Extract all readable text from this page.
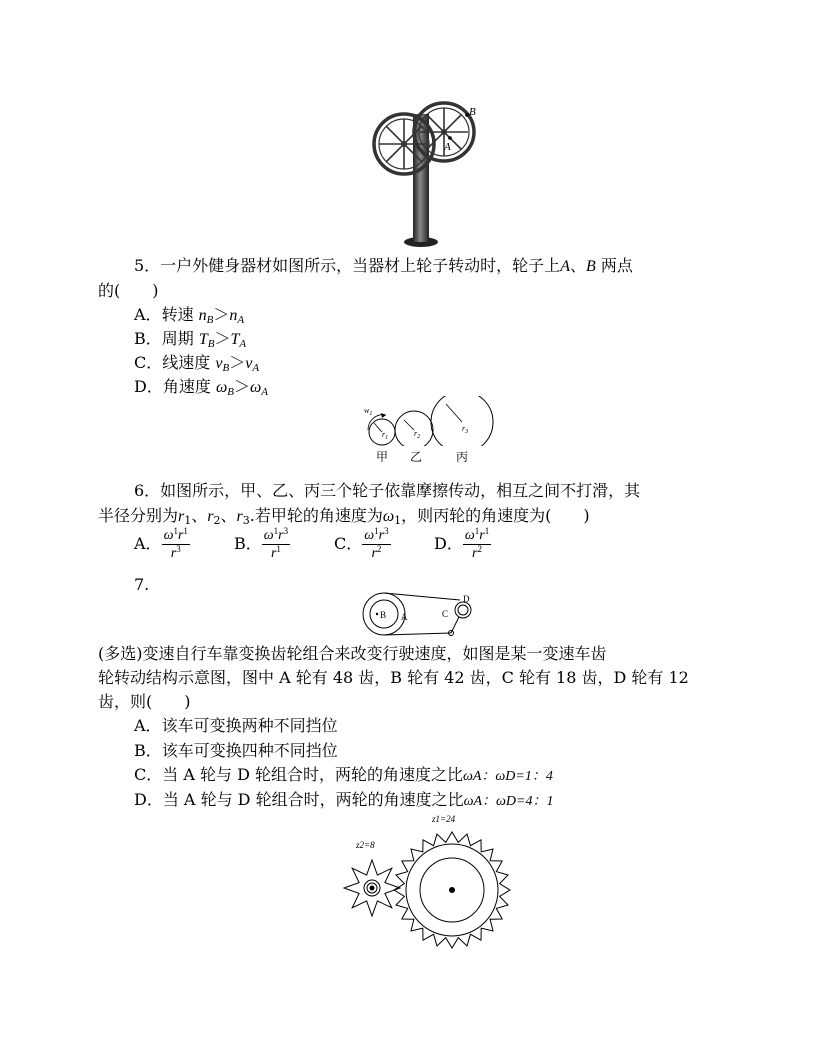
A
B
5．一户外健身器材如图所示，当器材上轮子转动时，轮子上A、B 两点
的(　　)
A．转速 $n_B>n_A$
B．周期 $T_B>T_A$
C．线速度 $v_B>v_A$
D．角速度 $\omega_B>\omega_A$
$w_1$
$r_1$	$r_2$
$r_3$
甲 乙	丙
6．如图所示，甲、乙、丙三个轮子依靠摩擦传动，相互之间不打滑，其
半径分别为$r_1$、$r_2$、$r_3$.若甲轮的角速度为$\omega_1$，则丙轮的角速度为(　　)
A． $\frac{\omega^1r^1}{r^3}$	B． $\frac{\omega^1r^3}{r^1}$	C． $\frac{\omega^1r^3}{r^2}$	D． $\frac{\omega^1r^1}{r^2}$
7.
B A	C
D
(多选)变速自行车靠变换齿轮组合来改变行驶速度，如图是某一变速车齿
轮转动结构示意图，图中 A 轮有 48 齿，B 轮有 42 齿，C 轮有 18 齿，D 轮有 12
齿，则(　　)
A．该车可变换两种不同挡位
B．该车可变换四种不同挡位
C．当 A 轮与 D 轮组合时，两轮的角速度之比ωA：ωD=1：4
D．当 A 轮与 D 轮组合时，两轮的角速度之比ωA：ωD=4：1
z1=24
z2=8
